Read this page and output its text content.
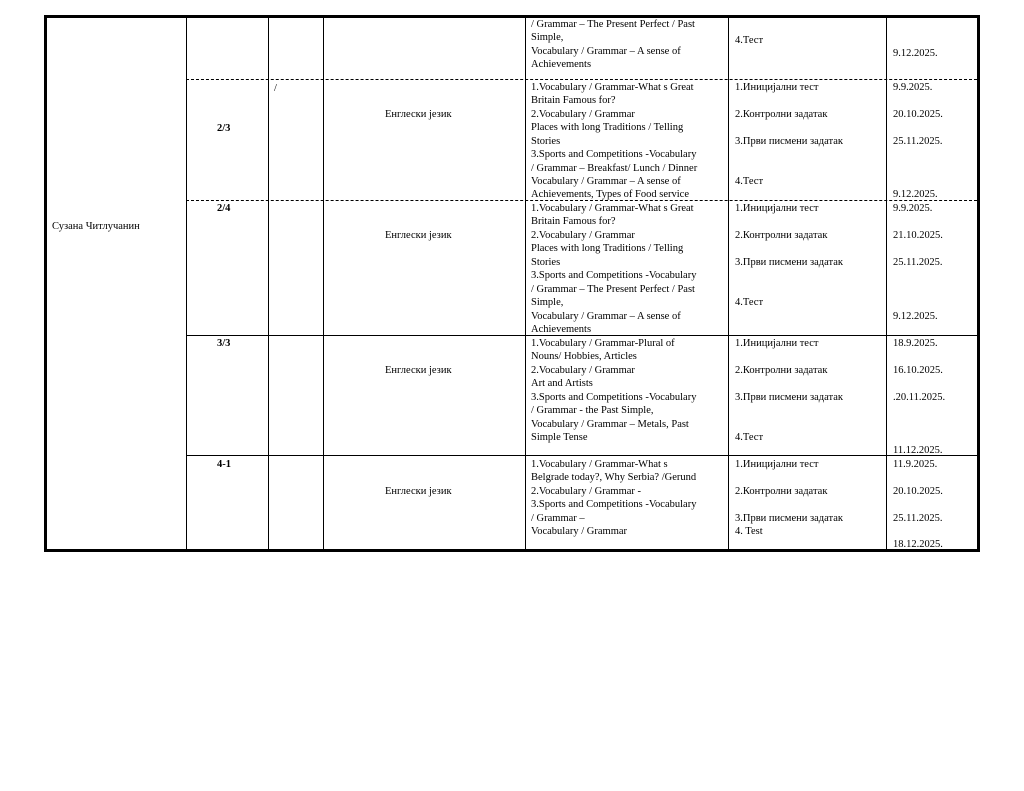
Сузана Читлучанин
/ Grammar – The Present Perfect / Past
Simple,
Vocabulary / Grammar – A sense of
Achievements
4.Тест
9.12.2025.
2/3
/
Енглески језик
1.Vocabulary / Grammar-What s Great
Britain Famous for?
2.Vocabulary / Grammar
Places with long Traditions / Telling
Stories
3.Sports and Competitions -Vocabulary
/ Grammar – Breakfast/ Lunch / Dinner
Vocabulary / Grammar – A sense of
Achievements, Types of Food service
1.Иницијални тест
2.Контролни задатак
3.Први писмени задатак
4.Тест
9.9.2025.
20.10.2025.
25.11.2025.
9.12.2025.
2/4
Енглески језик
1.Vocabulary / Grammar-What s Great
Britain Famous for?
2.Vocabulary / Grammar
Places with long Traditions / Telling
Stories
3.Sports and Competitions -Vocabulary
/ Grammar – The Present Perfect / Past
Simple,
Vocabulary / Grammar – A sense of
Achievements
1.Иницијални тест
2.Контролни задатак
3.Први писмени задатак
4.Тест
9.9.2025.
21.10.2025.
25.11.2025.
9.12.2025.
3/3
Енглески језик
1.Vocabulary / Grammar-Plural of
Nouns/ Hobbies, Articles
2.Vocabulary / Grammar
Art and Artists
3.Sports and Competitions -Vocabulary
/ Grammar - the Past Simple,
Vocabulary / Grammar – Metals, Past
Simple Tense
1.Иницијални тест
2.Контролни задатак
3.Први писмени задатак
4.Тест
18.9.2025.
16.10.2025.
.20.11.2025.
11.12.2025.
4-1
Енглески језик
1.Vocabulary / Grammar-What s
Belgrade today?, Why Serbia? /Gerund
2.Vocabulary / Grammar -
3.Sports and Competitions -Vocabulary
/ Grammar –
Vocabulary / Grammar
1.Иницијални тест
2.Контролни задатак
3.Први писмени задатак
4. Test
11.9.2025.
20.10.2025.
25.11.2025.
18.12.2025.
